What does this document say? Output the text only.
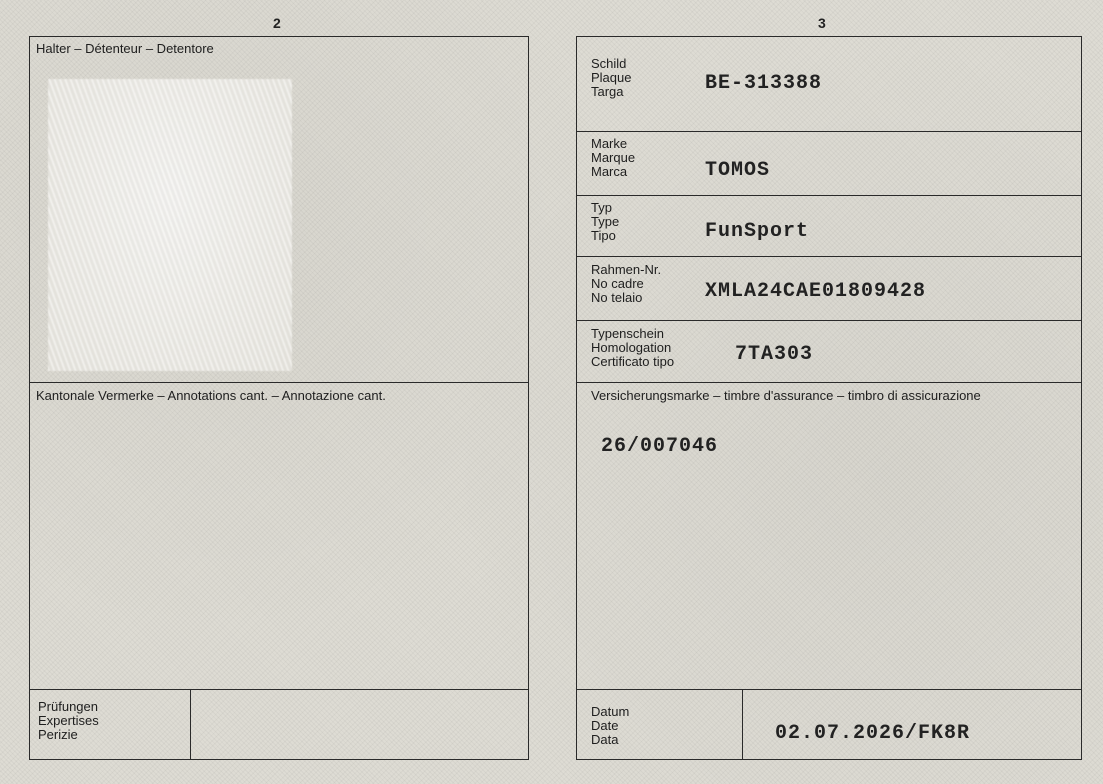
2
Halter – Détenteur – Detentore
Kantonale Vermerke – Annotations cant. – Annotazione cant.
Prüfungen
Expertises
Perizie
3
Schild
Plaque
Targa	BE-313388
Marke
Marque
Marca	TOMOS
Typ
Type
Tipo	FunSport
Rahmen-Nr.
No cadre
No telaio	XMLA24CAE01809428
Typenschein
Homologation
Certificato tipo	7TA303
Versicherungsmarke – timbre d'assurance – timbro di assicurazione
26/007046
Datum
Date
Data	02.07.2026/FK8R
